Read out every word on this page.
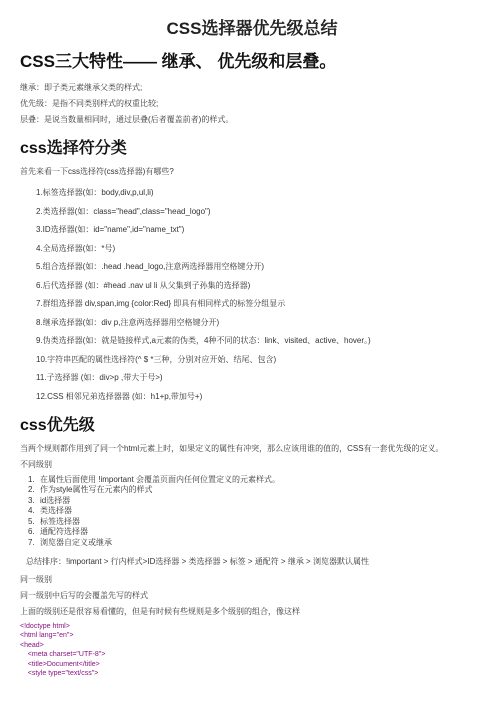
CSS选择器优先级总结
CSS三大特性—— 继承、 优先级和层叠。
继承：即子类元素继承父类的样式;
优先级：是指不同类别样式的权重比较;
层叠：是说当数量相同时，通过层叠(后者覆盖前者)的样式。
css选择符分类
首先来看一下css选择符(css选择器)有哪些?
1.标签选择器(如：body,div,p,ul,li)
2.类选择器(如：class="head",class="head_logo")
3.ID选择器(如：id="name",id="name_txt")
4.全局选择器(如：*号)
5.组合选择器(如：.head .head_logo,注意两选择器用空格键分开)
6.后代选择器 (如：#head .nav ul li 从父集到子孙集的选择器)
7.群组选择器 div,span,img {color:Red} 即具有相同样式的标签分组显示
8.继承选择器(如：div p,注意两选择器用空格键分开)
9.伪类选择器(如：就是链接样式,a元素的伪类，4种不同的状态：link、visited、active、hover。)
10.字符串匹配的属性选择符(^ $ *三种，分别对应开始、结尾、包含)
11.子选择器 (如：div>p ,带大于号>)
12.CSS 相邻兄弟选择器器 (如：h1+p,带加号+)
css优先级
当两个规则都作用到了同一个html元素上时，如果定义的属性有冲突，那么应该用谁的值的，CSS有一套优先级的定义。
不同级别
1. 在属性后面使用 !important 会覆盖页面内任何位置定义的元素样式。
2. 作为style属性写在元素内的样式
3. id选择器
4. 类选择器
5. 标签选择器
6. 通配符选择器
7. 浏览器自定义或继承
总结排序：!important > 行内样式>ID选择器 > 类选择器 > 标签 > 通配符 > 继承 > 浏览器默认属性
同一级别
同一级别中后写的会覆盖先写的样式
上面的级别还是很容易看懂的，但是有时候有些规则是多个级别的组合，像这样
<!doctype html>
<html lang="en">
<head>
<meta charset="UTF-8">
<title>Document</title>
<style type="text/css">
